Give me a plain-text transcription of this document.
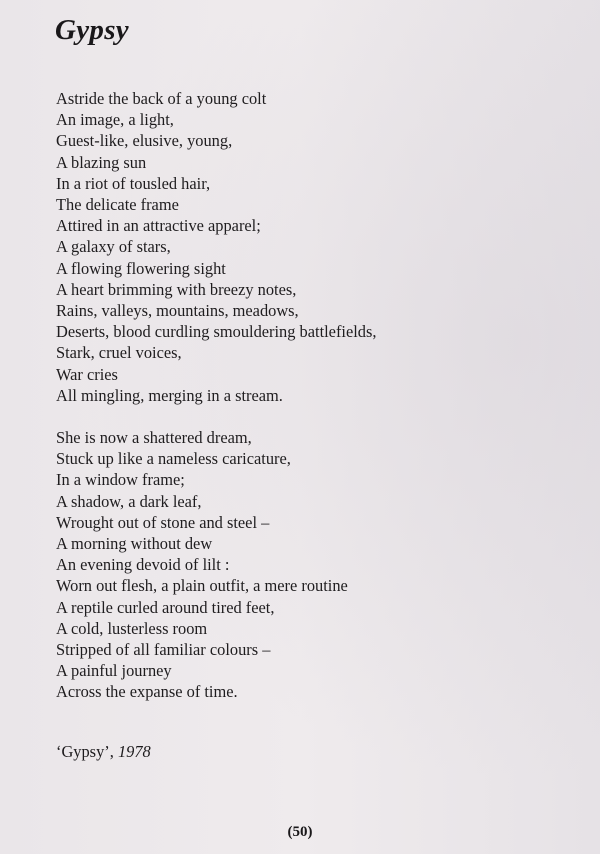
Gypsy
Astride the back of a young colt
An image, a light,
Guest-like, elusive, young,
A blazing sun
In a riot of tousled hair,
The delicate frame
Attired in an attractive apparel;
A galaxy of stars,
A flowing flowering sight
A heart brimming with breezy notes,
Rains, valleys, mountains, meadows,
Deserts, blood curdling smouldering battlefields,
Stark, cruel voices,
War cries
All mingling, merging in a stream.
She is now a shattered dream,
Stuck up like a nameless caricature,
In a window frame;
A shadow, a dark leaf,
Wrought out of stone and steel –
A morning without dew
An evening devoid of lilt :
Worn out flesh, a plain outfit, a mere routine
A reptile curled around tired feet,
A cold, lusterless room
Stripped of all familiar colours –
A painful journey
Across the expanse of time.

‘Gypsy’, 1978

(50)
